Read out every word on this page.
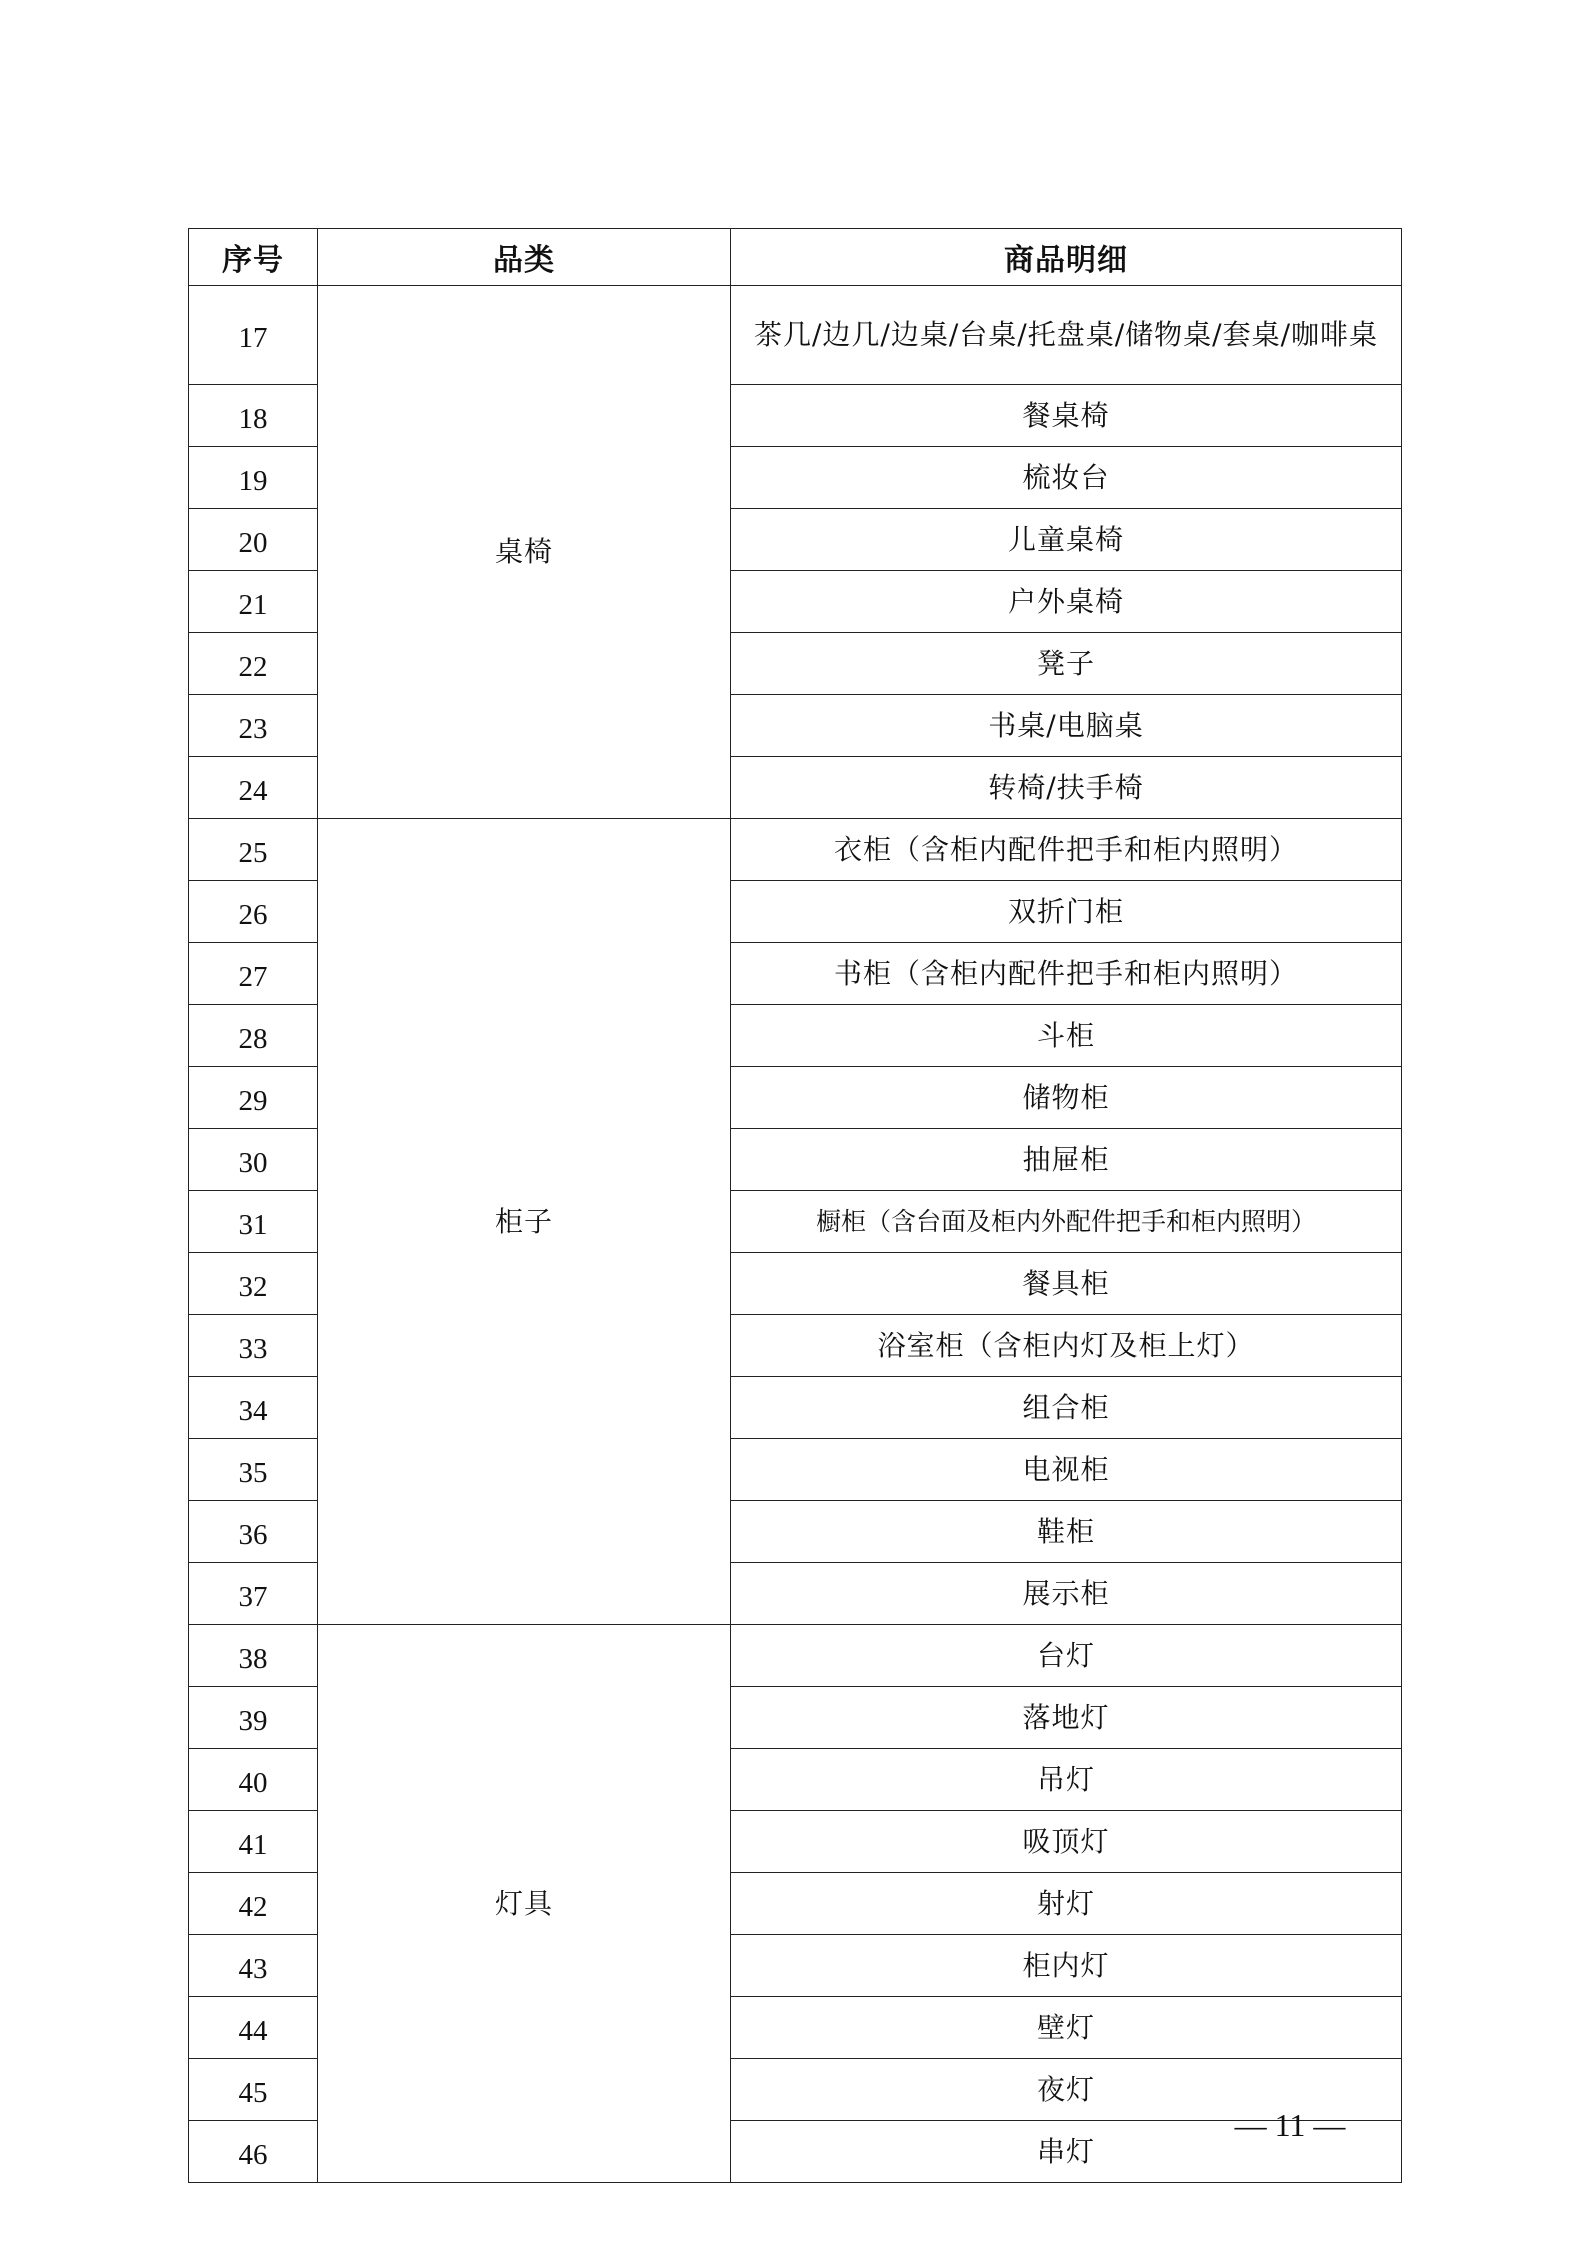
序号	品类	商品明细
17	桌椅	茶几/边几/边桌/台桌/托盘桌/储物桌/套桌/咖啡桌
18		餐桌椅
19		梳妆台
20		儿童桌椅
21		户外桌椅
22		凳子
23		书桌/电脑桌
24		转椅/扶手椅
25	柜子	衣柜（含柜内配件把手和柜内照明）
26		双折门柜
27		书柜（含柜内配件把手和柜内照明）
28		斗柜
29		储物柜
30		抽屉柜
31		橱柜（含台面及柜内外配件把手和柜内照明）
32		餐具柜
33		浴室柜（含柜内灯及柜上灯）
34		组合柜
35		电视柜
36		鞋柜
37		展示柜
38	灯具	台灯
39		落地灯
40		吊灯
41		吸顶灯
42		射灯
43		柜内灯
44		壁灯
45		夜灯
46		串灯
— 11 —
